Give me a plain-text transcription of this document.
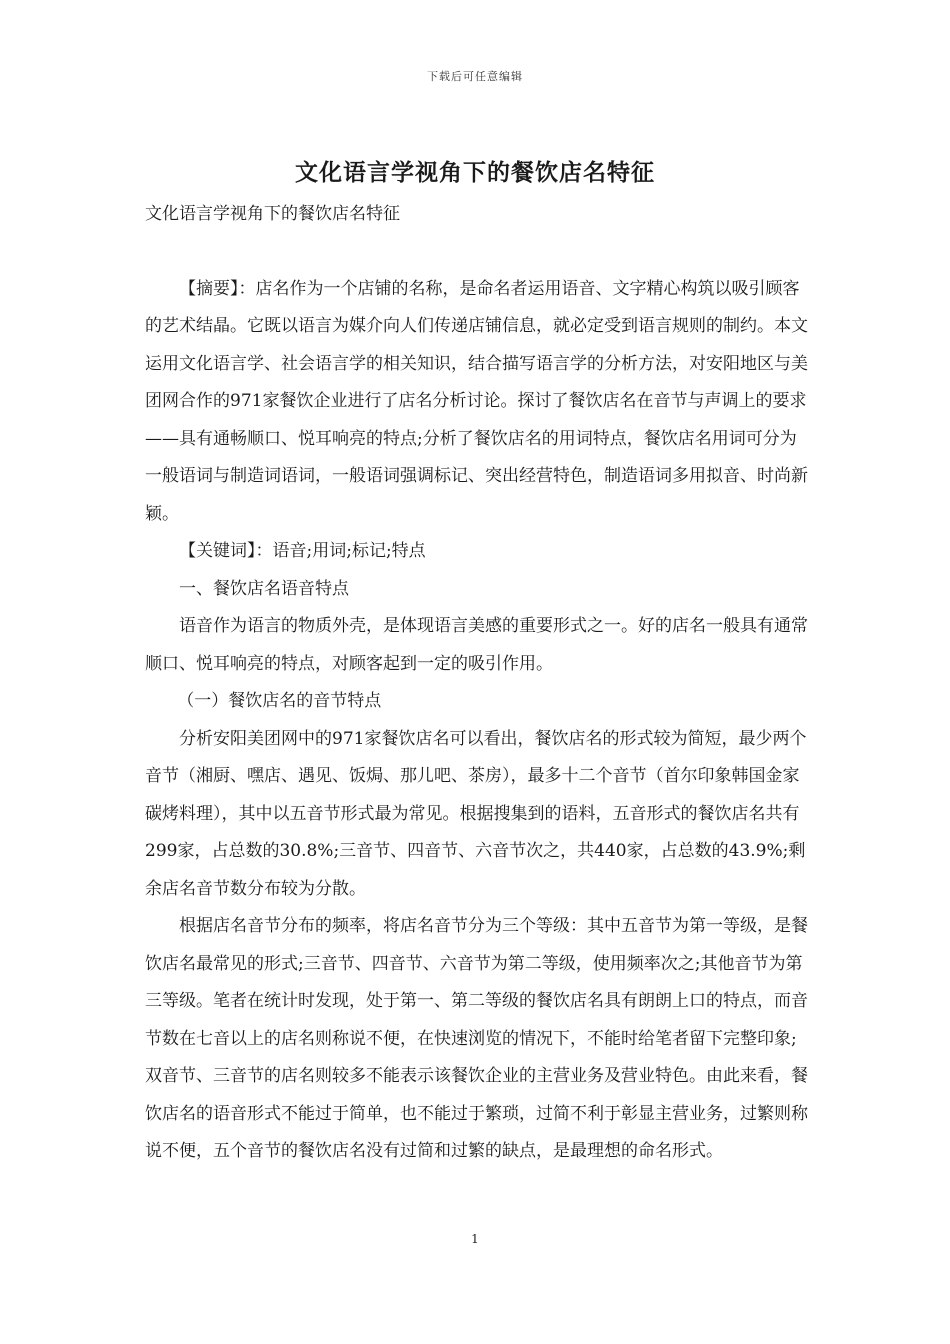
下载后可任意编辑
文化语言学视角下的餐饮店名特征

文化语言学视角下的餐饮店名特征

【摘要】：店名作为一个店铺的名称，是命名者运用语音、文字精心构筑以吸引顾客的艺术结晶。它既以语言为媒介向人们传递店铺信息，就必定受到语言规则的制约。本文运用文化语言学、社会语言学的相关知识，结合描写语言学的分析方法，对安阳地区与美团网合作的971家餐饮企业进行了店名分析讨论。探讨了餐饮店名在音节与声调上的要求——具有通畅顺口、悦耳响亮的特点;分析了餐饮店名的用词特点，餐饮店名用词可分为一般语词与制造词语词，一般语词强调标记、突出经营特色，制造语词多用拟音、时尚新颖。

【关键词】：语音;用词;标记;特点

一、餐饮店名语音特点

语音作为语言的物质外壳，是体现语言美感的重要形式之一。好的店名一般具有通常顺口、悦耳响亮的特点，对顾客起到一定的吸引作用。

（一）餐饮店名的音节特点

分析安阳美团网中的971家餐饮店名可以看出，餐饮店名的形式较为简短，最少两个音节（湘厨、嘿店、遇见、饭焗、那儿吧、茶房），最多十二个音节（首尔印象韩国金家碳烤料理），其中以五音节形式最为常见。根据搜集到的语料，五音形式的餐饮店名共有299家，占总数的30.8%;三音节、四音节、六音节次之，共440家，占总数的43.9%;剩余店名音节数分布较为分散。

根据店名音节分布的频率，将店名音节分为三个等级：其中五音节为第一等级，是餐饮店名最常见的形式;三音节、四音节、六音节为第二等级，使用频率次之;其他音节为第三等级。笔者在统计时发现，处于第一、第二等级的餐饮店名具有朗朗上口的特点，而音节数在七音以上的店名则称说不便，在快速浏览的情况下，不能时给笔者留下完整印象;双音节、三音节的店名则较多不能表示该餐饮企业的主营业务及营业特色。由此来看，餐饮店名的语音形式不能过于简单，也不能过于繁琐，过简不利于彰显主营业务，过繁则称说不便，五个音节的餐饮店名没有过简和过繁的缺点，是最理想的命名形式。

1
